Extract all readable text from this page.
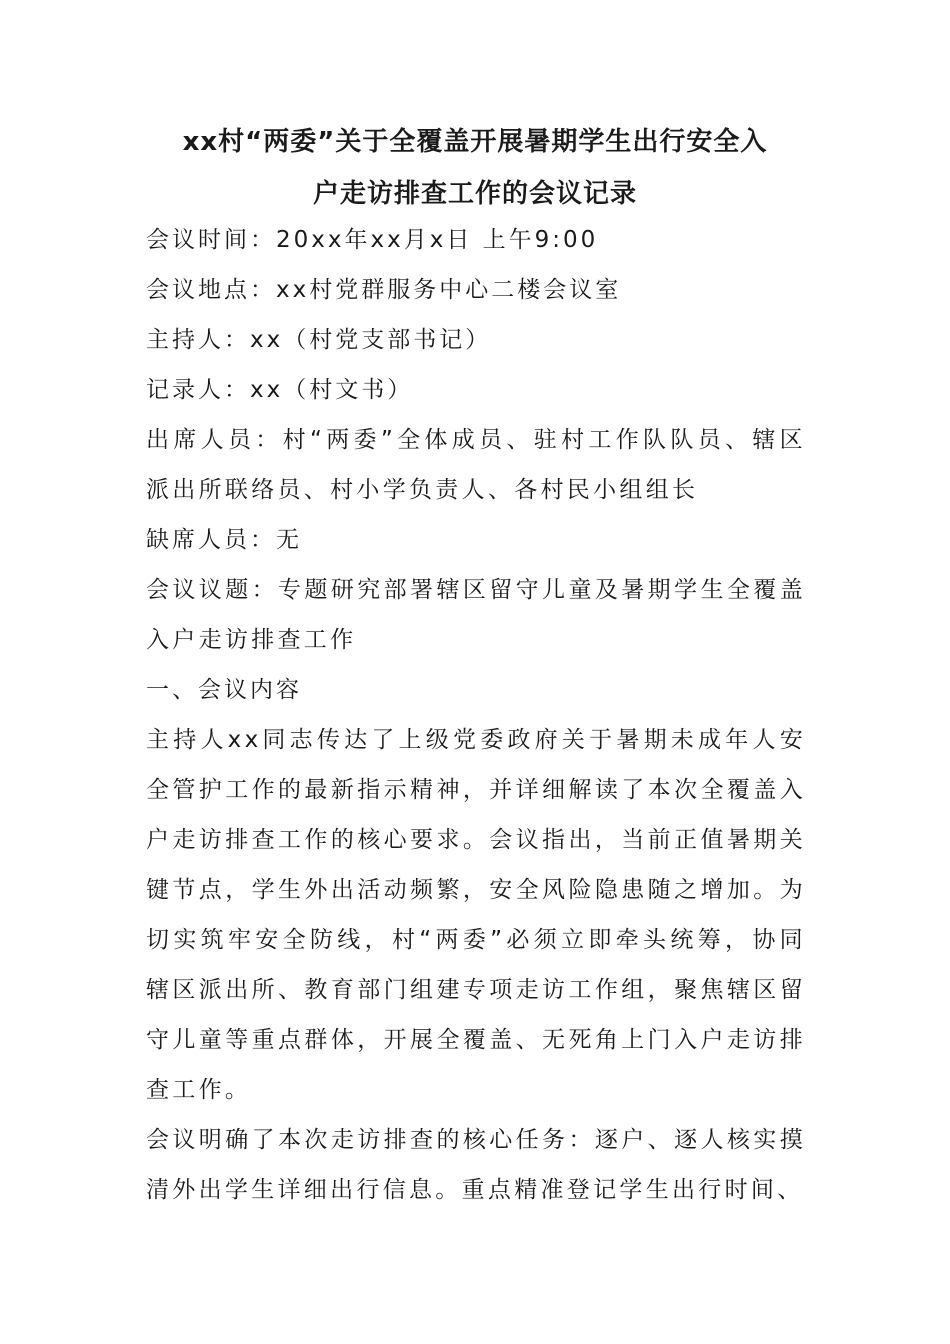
xx村“两委”关于全覆盖开展暑期学生出行安全入
户走访排查工作的会议记录

会议时间：20xx年xx月x日 上午9:00

会议地点：xx村党群服务中心二楼会议室

主持人：xx（村党支部书记）

记录人：xx（村文书）

出席人员：村“两委”全体成员、驻村工作队队员、辖区派出所联络员、村小学负责人、各村民小组组长

缺席人员：无

会议议题：专题研究部署辖区留守儿童及暑期学生全覆盖入户走访排查工作

一、会议内容

主持人xx同志传达了上级党委政府关于暑期未成年人安全管护工作的最新指示精神，并详细解读了本次全覆盖入户走访排查工作的核心要求。会议指出，当前正值暑期关键节点，学生外出活动频繁，安全风险隐患随之增加。为切实筑牢安全防线，村“两委”必须立即牵头统筹，协同辖区派出所、教育部门组建专项走访工作组，聚焦辖区留守儿童等重点群体，开展全覆盖、无死角上门入户走访排查工作。

会议明确了本次走访排查的核心任务：逐户、逐人核实摸清外出学生详细出行信息。重点精准登记学生出行时间、
